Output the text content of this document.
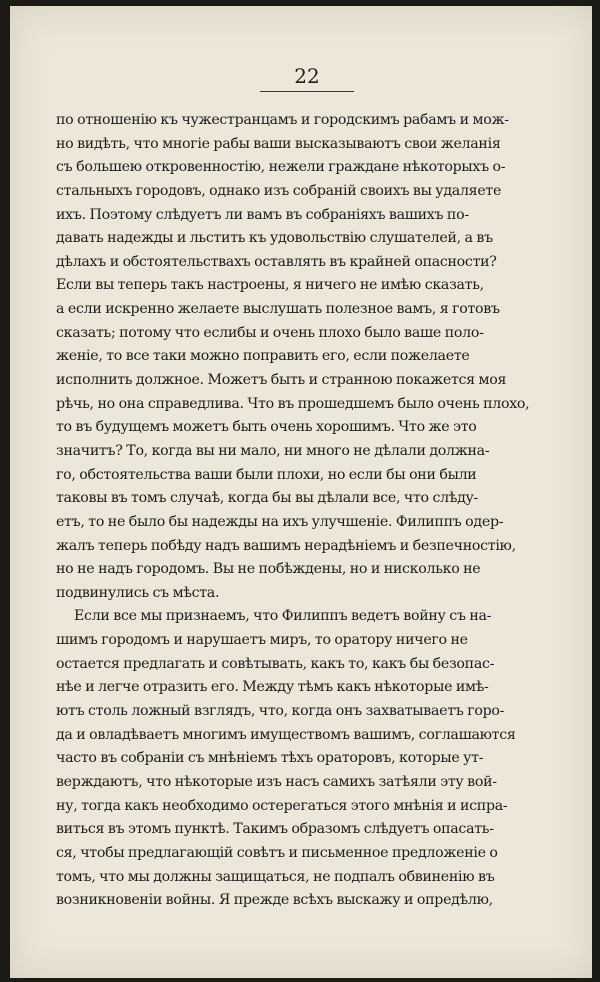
22
по отношенію къ чужестранцамъ и городскимъ рабамъ и мож-
но видѣть, что многіе рабы ваши высказываютъ свои желанія
съ большею откровенностію, нежели граждане нѣкоторыхъ о-
стальныхъ городовъ, однако изъ собраній своихъ вы удаляете
ихъ. Поэтому слѣдуетъ ли вамъ въ собраніяхъ вашихъ по-
давать надежды и льстить къ удовольствію слушателей, а въ
дѣлахъ и обстоятельствахъ оставлять въ крайней опасности?
Если вы теперь такъ настроены, я ничего не имѣю сказать,
а если искренно желаете выслушать полезное вамъ, я готовъ
сказать; потому что еслибы и очень плохо было ваше поло-
женіе, то все таки можно поправить его, если пожелаете
исполнить должное. Можетъ быть и странною покажется моя
рѣчь, но она справедлива. Что въ прошедшемъ было очень плохо,
то въ будущемъ можетъ быть очень хорошимъ. Что же это
значитъ? То, когда вы ни мало, ни много не дѣлали должна-
го, обстоятельства ваши были плохи, но если бы они были
таковы въ томъ случаѣ, когда бы вы дѣлали все, что слѣду-
етъ, то не было бы надежды на ихъ улучшеніе. Филиппъ одер-
жалъ теперь побѣду надъ вашимъ нерадѣніемъ и безпечностію,
но не надъ городомъ. Вы не побѣждены, но и нисколько не
подвинулись съ мѣста.
Если все мы признаемъ, что Филиппъ ведетъ войну съ на-
шимъ городомъ и нарушаетъ миръ, то оратору ничего не
остается предлагать и совѣтывать, какъ то, какъ бы безопас-
нѣе и легче отразить его. Между тѣмъ какъ нѣкоторые имѣ-
ютъ столь ложный взглядъ, что, когда онъ захватываетъ горо-
да и овладѣваетъ многимъ имуществомъ вашимъ, соглашаются
часто въ собраніи съ мнѣніемъ тѣхъ ораторовъ, которые ут-
верждаютъ, что нѣкоторые изъ насъ самихъ затѣяли эту вой-
ну, тогда какъ необходимо остерегаться этого мнѣнія и испра-
виться въ этомъ пунктѣ. Такимъ образомъ слѣдуетъ опасать-
ся, чтобы предлагающій совѣтъ и письменное предложеніе о
томъ, что мы должны защищаться, не подпалъ обвиненію въ
возникновеніи войны. Я прежде всѣхъ выскажу и опредѣлю,
